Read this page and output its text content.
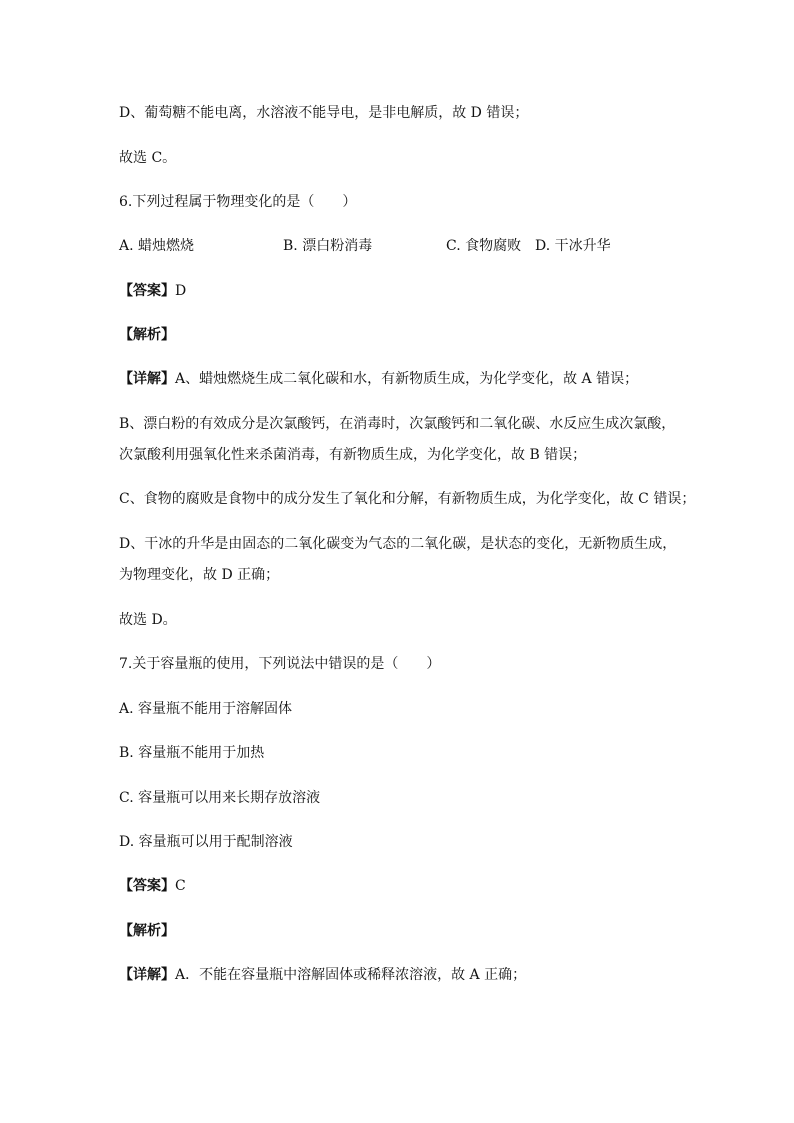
D、葡萄糖不能电离，水溶液不能导电，是非电解质，故 D 错误；
故选 C。
6.下列过程属于物理变化的是（　　）
A. 蜡烛燃烧	B. 漂白粉消毒	C. 食物腐败 D. 干冰升华
【答案】D
【解析】
【详解】A、蜡烛燃烧生成二氧化碳和水，有新物质生成，为化学变化，故 A 错误；
B、漂白粉的有效成分是次氯酸钙，在消毒时，次氯酸钙和二氧化碳、水反应生成次氯酸，次氯酸利用强氧化性来杀菌消毒，有新物质生成，为化学变化，故 B 错误；
C、食物的腐败是食物中的成分发生了氧化和分解，有新物质生成，为化学变化，故 C 错误；
D、干冰的升华是由固态的二氧化碳变为气态的二氧化碳，是状态的变化，无新物质生成，为物理变化，故 D 正确；
故选 D。
7.关于容量瓶的使用，下列说法中错误的是（　　）
A. 容量瓶不能用于溶解固体
B. 容量瓶不能用于加热
C. 容量瓶可以用来长期存放溶液
D. 容量瓶可以用于配制溶液
【答案】C
【解析】
【详解】A．不能在容量瓶中溶解固体或稀释浓溶液，故 A 正确；
